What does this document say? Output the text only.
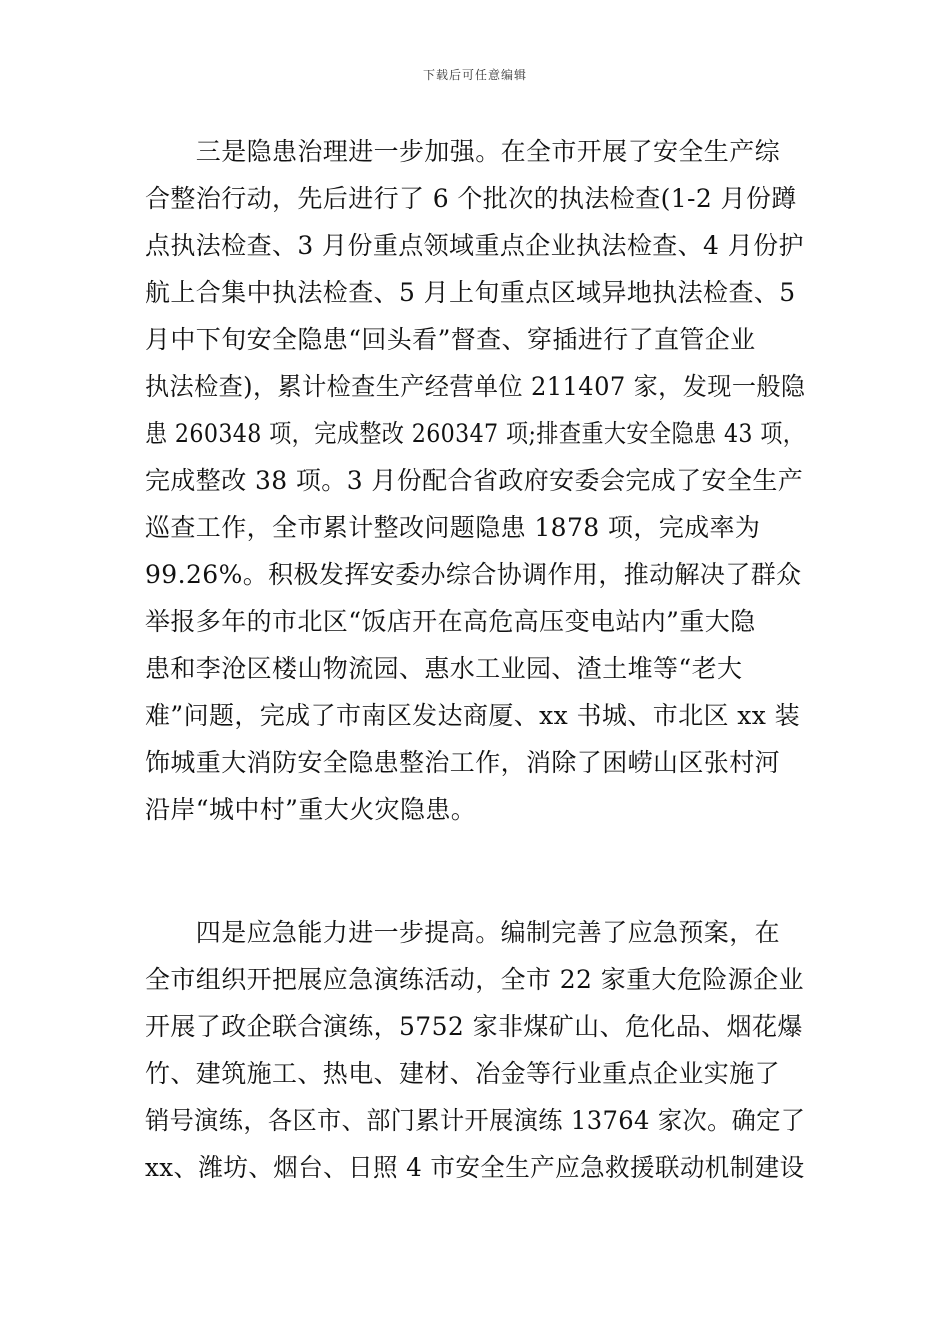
下载后可任意编辑
　　三是隐患治理进一步加强。在全市开展了安全生产综
合整治行动，先后进行了 6 个批次的执法检查(1-2 月份蹲
点执法检查、3 月份重点领域重点企业执法检查、4 月份护
航上合集中执法检查、5 月上旬重点区域异地执法检查、5
月中下旬安全隐患“回头看”督查、穿插进行了直管企业
执法检查)，累计检查生产经营单位 211407 家，发现一般隐
患 260348 项，完成整改 260347 项;排查重大安全隐患 43 项，
完成整改 38 项。3 月份配合省政府安委会完成了安全生产
巡查工作，全市累计整改问题隐患 1878 项，完成率为
99.26%。积极发挥安委办综合协调作用，推动解决了群众
举报多年的市北区“饭店开在高危高压变电站内”重大隐
患和李沧区楼山物流园、惠水工业园、渣土堆等“老大
难”问题，完成了市南区发达商厦、xx 书城、市北区 xx 装
饰城重大消防安全隐患整治工作，消除了困崂山区张村河
沿岸“城中村”重大火灾隐患。
　　四是应急能力进一步提高。编制完善了应急预案，在
全市组织开把展应急演练活动，全市 22 家重大危险源企业
开展了政企联合演练，5752 家非煤矿山、危化品、烟花爆
竹、建筑施工、热电、建材、冶金等行业重点企业实施了
销号演练，各区市、部门累计开展演练 13764 家次。确定了
xx、潍坊、烟台、日照 4 市安全生产应急救援联动机制建设
